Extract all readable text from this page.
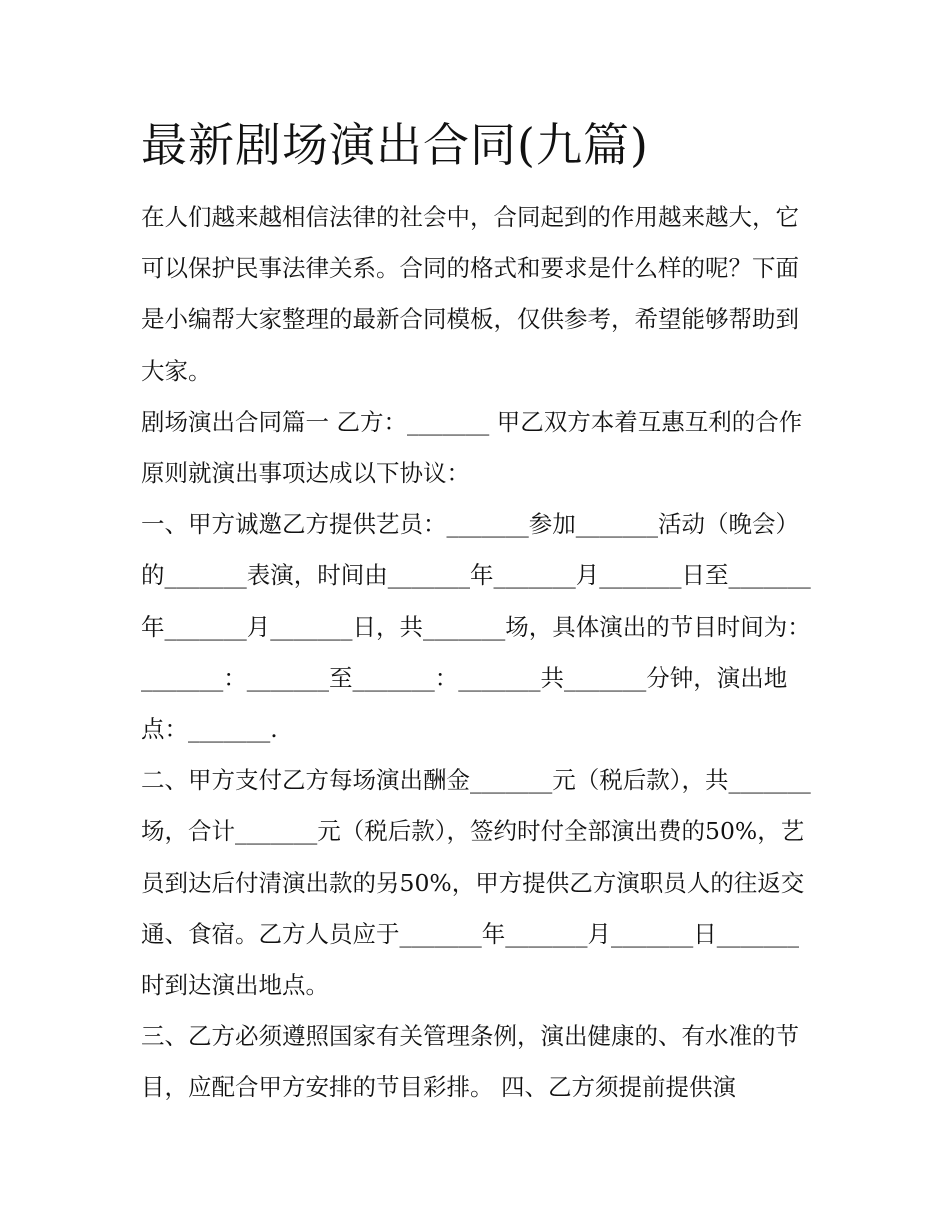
最新剧场演出合同(九篇)

在人们越来越相信法律的社会中，合同起到的作用越来越大，它可以保护民事法律关系。合同的格式和要求是什么样的呢？下面是小编帮大家整理的最新合同模板，仅供参考，希望能够帮助到大家。

剧场演出合同篇一 乙方：_______ 甲乙双方本着互惠互利的合作原则就演出事项达成以下协议：

一、甲方诚邀乙方提供艺员：_______参加_______活动（晚会）的_______表演，时间由_______年_______月_______日至_______年_______月_______日，共_______场，具体演出的节目时间为：_______：_______至_______：_______共_______分钟，演出地点：_______.

二、甲方支付乙方每场演出酬金_______元（税后款），共_______场，合计_______元（税后款），签约时付全部演出费的50%，艺员到达后付清演出款的另50%，甲方提供乙方演职员人的往返交通、食宿。乙方人员应于_______年_______月_______日_______时到达演出地点。

三、乙方必须遵照国家有关管理条例，演出健康的、有水准的节目，应配合甲方安排的节目彩排。 四、乙方须提前提供演
